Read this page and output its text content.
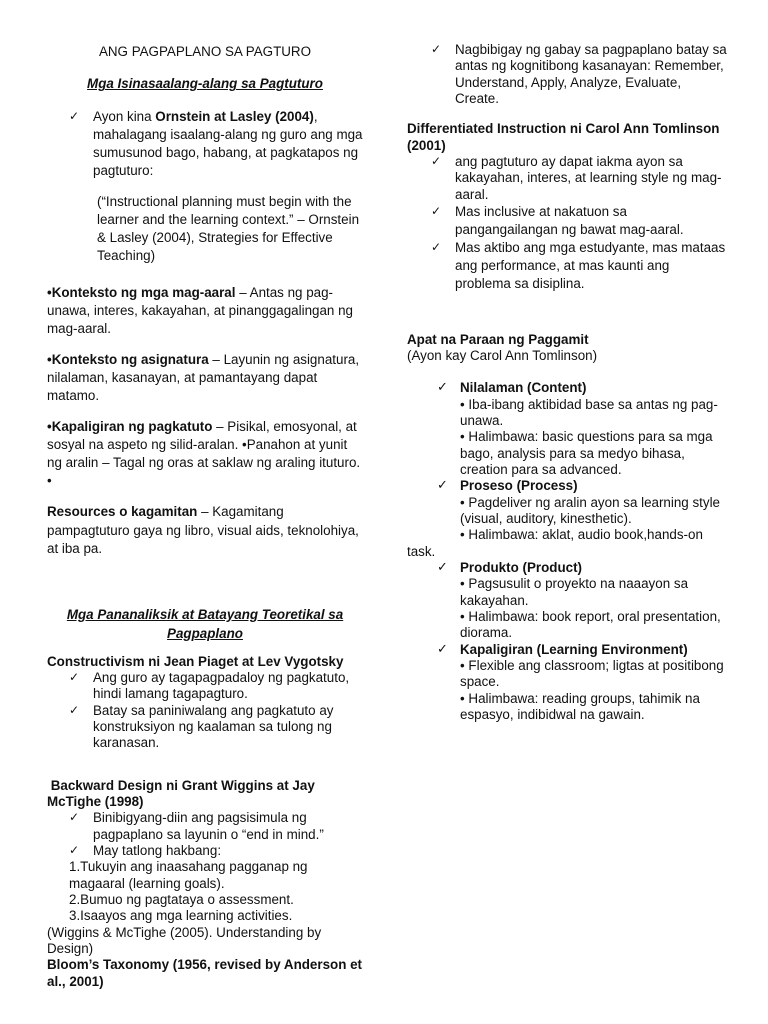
ANG PAGPAPLANO SA PAGTURO
Mga Isinasaalang-alang sa Pagtuturo
✓ Ayon kina Ornstein at Lasley (2004), mahalagang isaalang-alang ng guro ang mga sumusunod bago, habang, at pagkatapos ng pagtuturo:
(“Instructional planning must begin with the learner and the learning context.” – Ornstein & Lasley (2004), Strategies for Effective Teaching)
•Konteksto ng mga mag-aaral – Antas ng pag-unawa, interes, kakayahan, at pinanggagalingan ng mag-aaral.
•Konteksto ng asignatura – Layunin ng asignatura, nilalaman, kasanayan, at pamantayang dapat matamo.
•Kapaligiran ng pagkatuto – Pisikal, emosyonal, at sosyal na aspeto ng silid-aralan. •Panahon at yunit ng aralin – Tagal ng oras at saklaw ng araling ituturo. •
Resources o kagamitan – Kagamitang pampagtuturo gaya ng libro, visual aids, teknolohiya, at iba pa.
Mga Pananaliksik at Batayang Teoretikal sa Pagpaplano
Constructivism ni Jean Piaget at Lev Vygotsky
✓ Ang guro ay tagapagpadaloy ng pagkatuto, hindi lamang tagapagturo.
✓ Batay sa paniniwalang ang pagkatuto ay konstruksiyon ng kaalaman sa tulong ng karanasan.
Backward Design ni Grant Wiggins at Jay McTighe (1998)
✓ Binibigyang-diin ang pagsisimula ng pagpaplano sa layunin o “end in mind.”
✓ May tatlong hakbang:
1.Tukuyin ang inaasahang pagganap ng magaaral (learning goals).
2.Bumuo ng pagtataya o assessment.
3.Isaayos ang mga learning activities.
(Wiggins & McTighe (2005). Understanding by Design)
Bloom’s Taxonomy (1956, revised by Anderson et al., 2001)
✓ Nagbibigay ng gabay sa pagpaplano batay sa antas ng kognitibong kasanayan: Remember, Understand, Apply, Analyze, Evaluate, Create.
Differentiated Instruction ni Carol Ann Tomlinson (2001)
✓ ang pagtuturo ay dapat iakma ayon sa kakayahan, interes, at learning style ng mag-aaral.
✓ Mas inclusive at nakatuon sa pangangailangan ng bawat mag-aaral.
✓ Mas aktibo ang mga estudyante, mas mataas ang performance, at mas kaunti ang problema sa disiplina.
Apat na Paraan ng Paggamit
(Ayon kay Carol Ann Tomlinson)
✓ Nilalaman (Content)
• Iba-ibang aktibidad base sa antas ng pag-unawa.
• Halimbawa: basic questions para sa mga bago, analysis para sa medyo bihasa, creation para sa advanced.
✓ Proseso (Process)
• Pagdeliver ng aralin ayon sa learning style (visual, auditory, kinesthetic).
• Halimbawa: aklat, audio book,hands-on
task.
✓ Produkto (Product)
• Pagsusulit o proyekto na naaayon sa kakayahan.
• Halimbawa: book report, oral presentation, diorama.
✓ Kapaligiran (Learning Environment)
• Flexible ang classroom; ligtas at positibong space.
• Halimbawa: reading groups, tahimik na espasyo, indibidwal na gawain.
